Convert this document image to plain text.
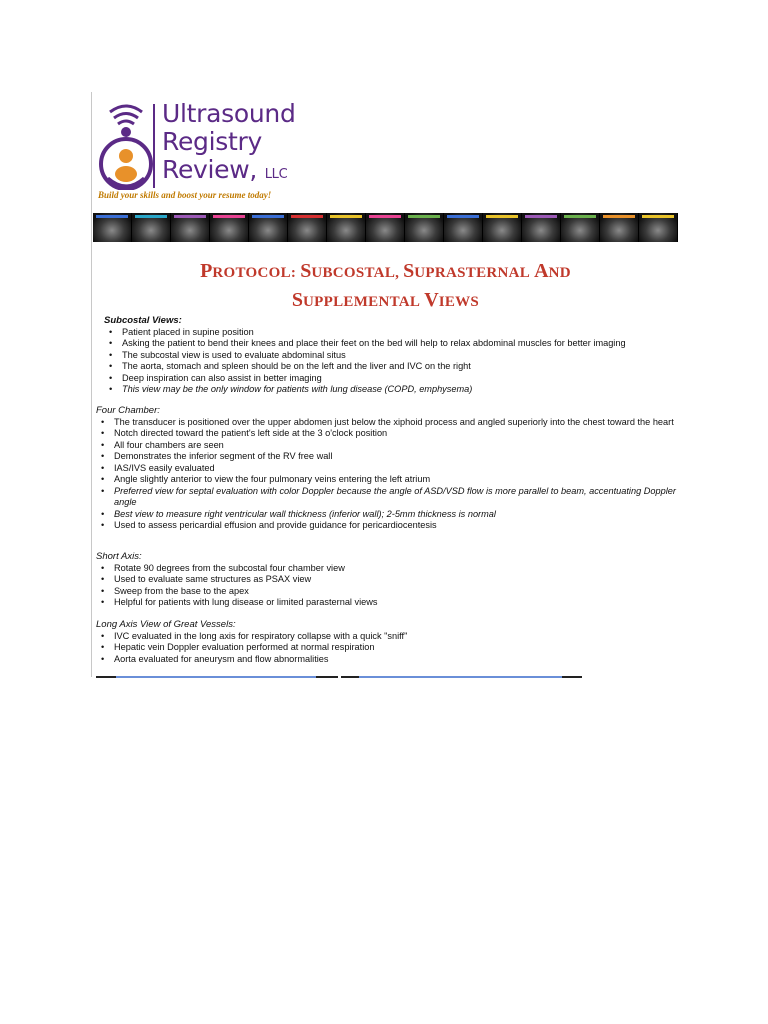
Ultrasound
Registry
Review, LLC
Build your skills and boost your resume today!
PROTOCOL: SUBCOSTAL, SUPRASTERNAL AND
SUPPLEMENTAL VIEWS
Subcostal Views:
• Patient placed in supine position
• Asking the patient to bend their knees and place their feet on the bed will help to relax abdominal muscles for better imaging
• The subcostal view is used to evaluate abdominal situs
• The aorta, stomach and spleen should be on the left and the liver and IVC on the right
• Deep inspiration can also assist in better imaging
• This view may be the only window for patients with lung disease (COPD, emphysema)
Four Chamber:
• The transducer is positioned over the upper abdomen just below the xiphoid process and angled superiorly into the chest toward the heart
• Notch directed toward the patient's left side at the 3 o'clock position
• All four chambers are seen
• Demonstrates the inferior segment of the RV free wall
• IAS/IVS easily evaluated
• Angle slightly anterior to view the four pulmonary veins entering the left atrium
• Preferred view for septal evaluation with color Doppler because the angle of ASD/VSD flow is more parallel to beam, accentuating Doppler angle
• Best view to measure right ventricular wall thickness (inferior wall); 2-5mm thickness is normal
• Used to assess pericardial effusion and provide guidance for pericardiocentesis
Short Axis:
• Rotate 90 degrees from the subcostal four chamber view
• Used to evaluate same structures as PSAX view
• Sweep from the base to the apex
• Helpful for patients with lung disease or limited parasternal views
Long Axis View of Great Vessels:
• IVC evaluated in the long axis for respiratory collapse with a quick "sniff"
• Hepatic vein Doppler evaluation performed at normal respiration
• Aorta evaluated for aneurysm and flow abnormalities
